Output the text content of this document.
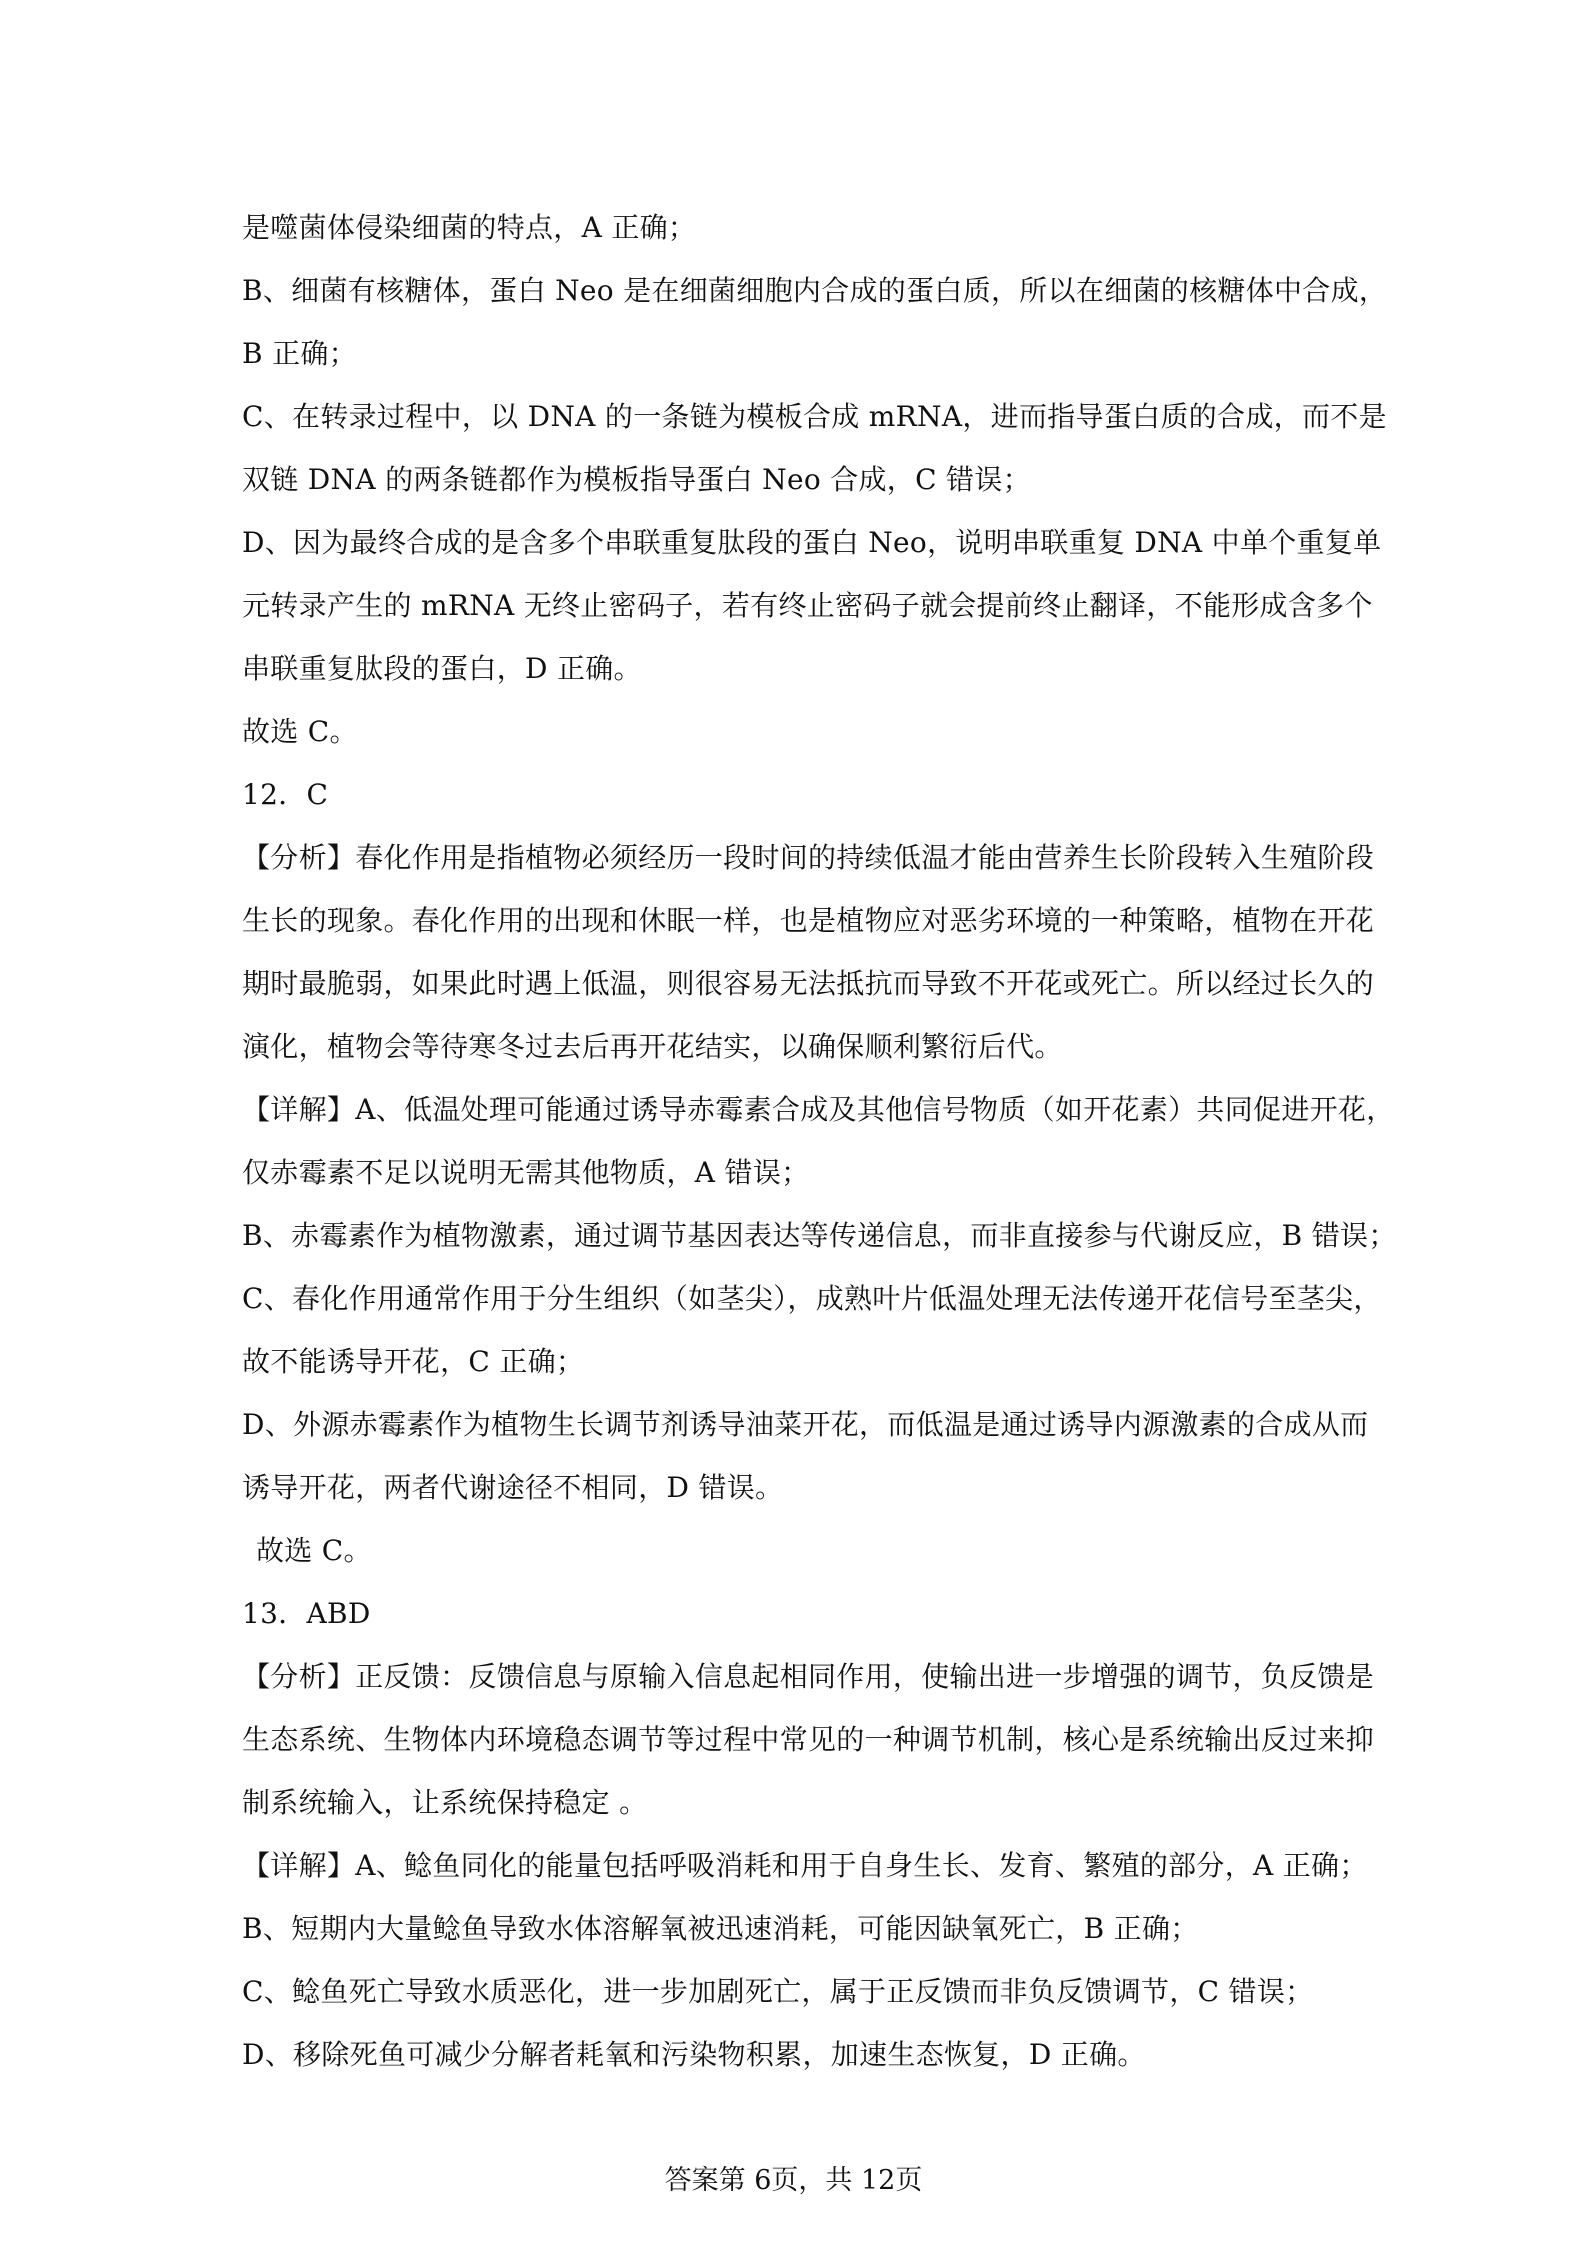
是噬菌体侵染细菌的特点，A 正确；
B、细菌有核糖体，蛋白 Neo 是在细菌细胞内合成的蛋白质，所以在细菌的核糖体中合成，
B 正确；
C、在转录过程中，以 DNA 的一条链为模板合成 mRNA，进而指导蛋白质的合成，而不是
双链 DNA 的两条链都作为模板指导蛋白 Neo 合成，C 错误；
D、因为最终合成的是含多个串联重复肽段的蛋白 Neo，说明串联重复 DNA 中单个重复单
元转录产生的 mRNA 无终止密码子，若有终止密码子就会提前终止翻译，不能形成含多个
串联重复肽段的蛋白，D 正确。
故选 C。
12．C
【分析】春化作用是指植物必须经历一段时间的持续低温才能由营养生长阶段转入生殖阶段
生长的现象。春化作用的出现和休眠一样，也是植物应对恶劣环境的一种策略，植物在开花
期时最脆弱，如果此时遇上低温，则很容易无法抵抗而导致不开花或死亡。所以经过长久的
演化，植物会等待寒冬过去后再开花结实，以确保顺利繁衍后代。
【详解】A、低温处理可能通过诱导赤霉素合成及其他信号物质（如开花素）共同促进开花，
仅赤霉素不足以说明无需其他物质，A 错误；
B、赤霉素作为植物激素，通过调节基因表达等传递信息，而非直接参与代谢反应，B 错误；
C、春化作用通常作用于分生组织（如茎尖），成熟叶片低温处理无法传递开花信号至茎尖，
故不能诱导开花，C 正确；
D、外源赤霉素作为植物生长调节剂诱导油菜开花，而低温是通过诱导内源激素的合成从而
诱导开花，两者代谢途径不相同，D 错误。
故选 C。
13．ABD
【分析】正反馈：反馈信息与原输入信息起相同作用，使输出进一步增强的调节，负反馈是
生态系统、生物体内环境稳态调节等过程中常见的一种调节机制，核心是系统输出反过来抑
制系统输入，让系统保持稳定 。
【详解】A、鲶鱼同化的能量包括呼吸消耗和用于自身生长、发育、繁殖的部分，A 正确；
B、短期内大量鲶鱼导致水体溶解氧被迅速消耗，可能因缺氧死亡，B 正确；
C、鲶鱼死亡导致水质恶化，进一步加剧死亡，属于正反馈而非负反馈调节，C 错误；
D、移除死鱼可减少分解者耗氧和污染物积累，加速生态恢复，D 正确。
答案第 6页，共 12页
